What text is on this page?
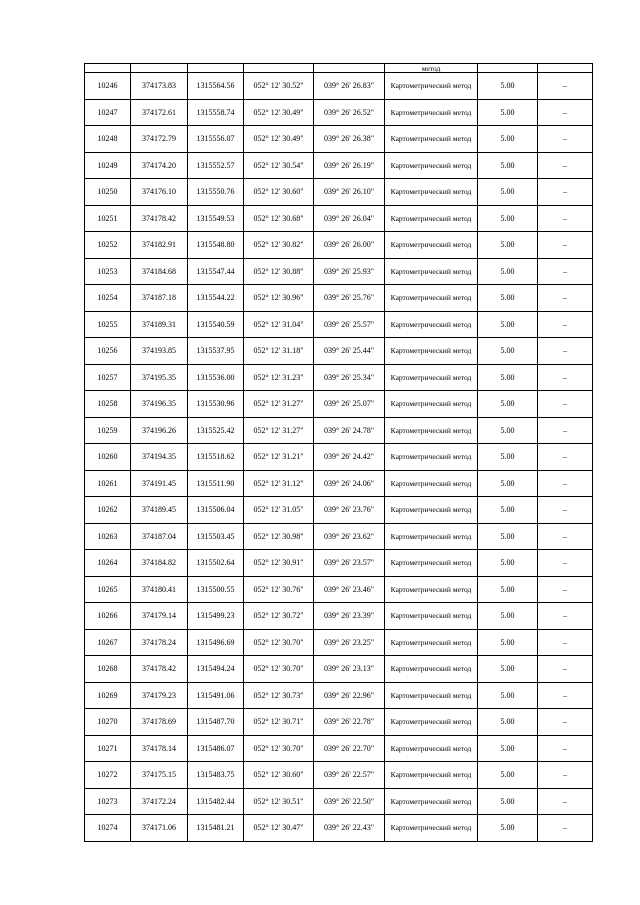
					метод		
10246	374173.83	1315564.56	052° 12' 30.52"	039° 26' 26.83"	Картометрический метод	5.00	–
10247	374172.61	1315558.74	052° 12' 30.49"	039° 26' 26.52"	Картометрический метод	5.00	–
10248	374172.79	1315556.07	052° 12' 30.49"	039° 26' 26.38"	Картометрический метод	5.00	–
10249	374174.20	1315552.57	052° 12' 30.54"	039° 26' 26.19"	Картометрический метод	5.00	–
10250	374176.10	1315550.76	052° 12' 30.60"	039° 26' 26.10"	Картометрический метод	5.00	–
10251	374178.42	1315549.53	052° 12' 30.68"	039° 26' 26.04"	Картометрический метод	5.00	–
10252	374182.91	1315548.80	052° 12' 30.82"	039° 26' 26.00"	Картометрический метод	5.00	–
10253	374184.68	1315547.44	052° 12' 30.88"	039° 26' 25.93"	Картометрический метод	5.00	–
10254	374187.18	1315544.22	052° 12' 30.96"	039° 26' 25.76"	Картометрический метод	5.00	–
10255	374189.31	1315540.59	052° 12' 31.04"	039° 26' 25.57"	Картометрический метод	5.00	–
10256	374193.85	1315537.95	052° 12' 31.18"	039° 26' 25.44"	Картометрический метод	5.00	–
10257	374195.35	1315536.00	052° 12' 31.23"	039° 26' 25.34"	Картометрический метод	5.00	–
10258	374196.35	1315530.96	052° 12' 31.27"	039° 26' 25.07"	Картометрический метод	5.00	–
10259	374196.26	1315525.42	052° 12' 31.27"	039° 26' 24.78"	Картометрический метод	5.00	–
10260	374194.35	1315518.62	052° 12' 31.21"	039° 26' 24.42"	Картометрический метод	5.00	–
10261	374191.45	1315511.90	052° 12' 31.12"	039° 26' 24.06"	Картометрический метод	5.00	–
10262	374189.45	1315506.04	052° 12' 31.05"	039° 26' 23.76"	Картометрический метод	5.00	–
10263	374187.04	1315503.45	052° 12' 30.98"	039° 26' 23.62"	Картометрический метод	5.00	–
10264	374184.82	1315502.64	052° 12' 30.91"	039° 26' 23.57"	Картометрический метод	5.00	–
10265	374180.41	1315500.55	052° 12' 30.76"	039° 26' 23.46"	Картометрический метод	5.00	–
10266	374179.14	1315499.23	052° 12' 30.72"	039° 26' 23.39"	Картометрический метод	5.00	–
10267	374178.24	1315496.69	052° 12' 30.70"	039° 26' 23.25"	Картометрический метод	5.00	–
10268	374178.42	1315494.24	052° 12' 30.70"	039° 26' 23.13"	Картометрический метод	5.00	–
10269	374179.23	1315491.06	052° 12' 30.73"	039° 26' 22.96"	Картометрический метод	5.00	–
10270	374178.69	1315487.70	052° 12' 30.71"	039° 26' 22.78"	Картометрический метод	5.00	–
10271	374178.14	1315486.07	052° 12' 30.70"	039° 26' 22.70"	Картометрический метод	5.00	–
10272	374175.15	1315483.75	052° 12' 30.60"	039° 26' 22.57"	Картометрический метод	5.00	–
10273	374172.24	1315482.44	052° 12' 30.51"	039° 26' 22.50"	Картометрический метод	5.00	–
10274	374171.06	1315481.21	052° 12' 30.47"	039° 26' 22.43"	Картометрический метод	5.00	–
